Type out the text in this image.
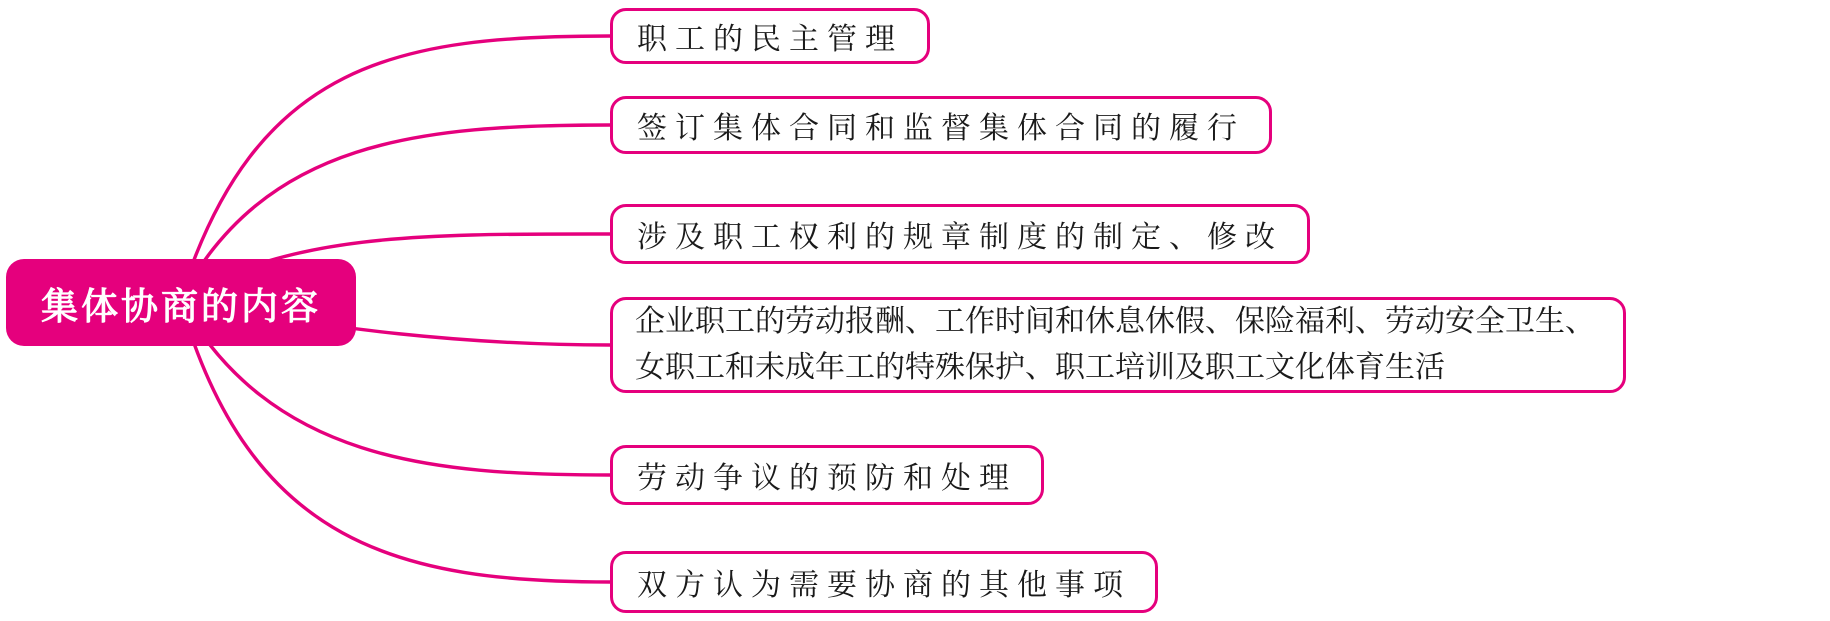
集体协商的内容
职工的民主管理
签订集体合同和监督集体合同的履行
涉及职工权利的规章制度的制定、修改
企业职工的劳动报酬、工作时间和休息休假、保险福利、劳动安全卫生、女职工和未成年工的特殊保护、职工培训及职工文化体育生活
劳动争议的预防和处理
双方认为需要协商的其他事项
